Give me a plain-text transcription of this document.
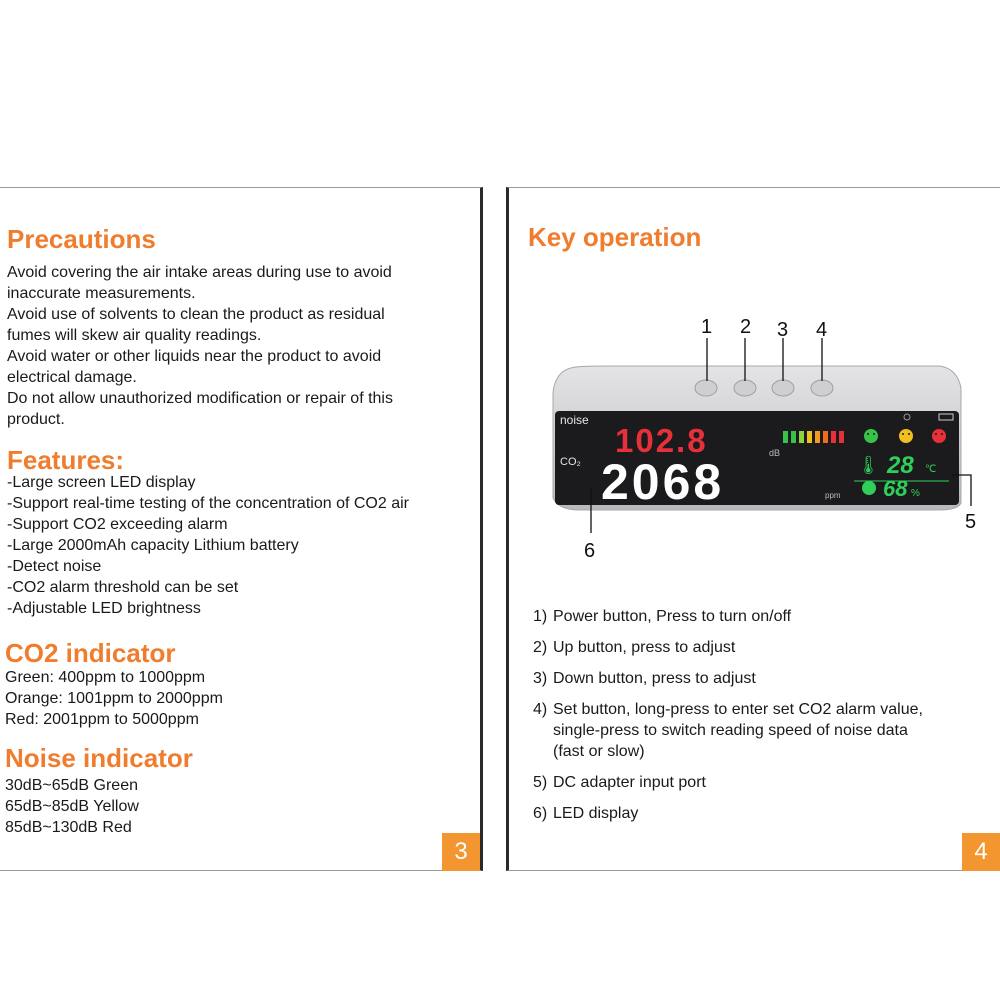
Precautions
Avoid covering the air intake areas during use to avoid
inaccurate measurements.
Avoid use of solvents to clean the product as residual
fumes will skew air quality readings.
Avoid water or other liquids near the product to avoid
electrical damage.
Do not allow unauthorized modification or repair of this
product.
Features:
-Large screen LED display
-Support real-time testing of the concentration of CO2 air
-Support CO2 exceeding alarm
-Large 2000mAh capacity Lithium battery
-Detect noise
-CO2 alarm threshold can be set
-Adjustable LED brightness
CO2 indicator
Green: 400ppm to 1000ppm
Orange: 1001ppm to 2000ppm
Red: 2001ppm to 5000ppm
Noise indicator
30dB~65dB Green
65dB~85dB Yellow
85dB~130dB Red
3
Key operation
noise
102.8	dB
CO₂ 2068	ppm
🌡 28 ℃
68 %
1 2 3 4
5
6
1) Power button, Press to turn on/off
2) Up button, press to adjust
3) Down button, press to adjust
4) Set button, long-press to enter set CO2 alarm value, single-press to switch reading speed of noise data (fast or slow)
5) DC adapter input port
6) LED display
4
